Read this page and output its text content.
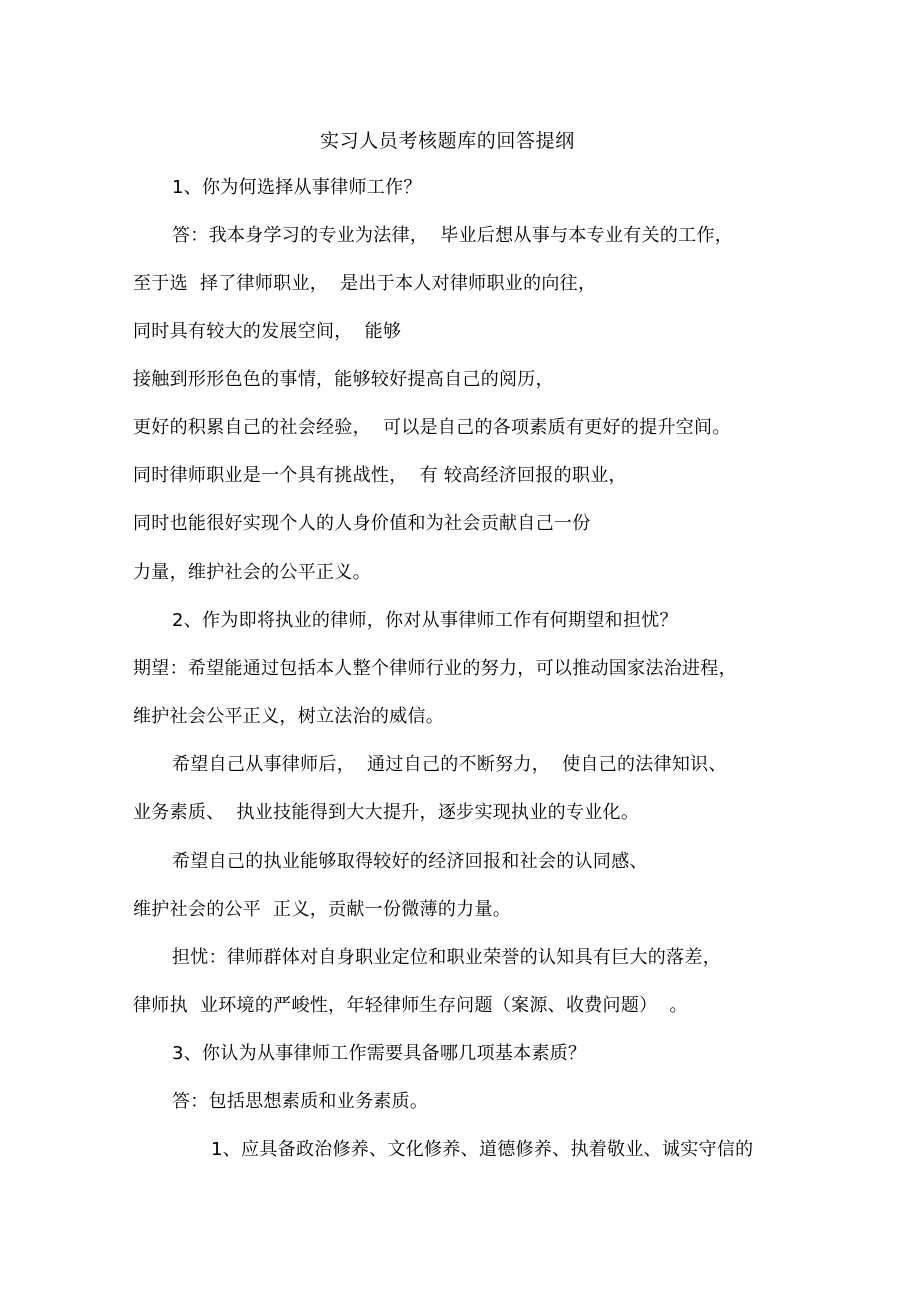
实习人员考核题库的回答提纲

1、你为何选择从事律师工作？

答：我本身学习的专业为法律，  毕业后想从事与本专业有关的工作，

至于选  择了律师职业，  是出于本人对律师职业的向往，

同时具有较大的发展空间，  能够

接触到形形色色的事情，能够较好提高自己的阅历，

更好的积累自己的社会经验，  可以是自己的各项素质有更好的提升空间。

同时律师职业是一个具有挑战性，  有 较高经济回报的职业，

同时也能很好实现个人的人身价值和为社会贡献自己一份

力量，维护社会的公平正义。

2、作为即将执业的律师，你对从事律师工作有何期望和担忧？

期望：希望能通过包括本人整个律师行业的努力，可以推动国家法治进程，

维护社会公平正义，树立法治的威信。

希望自己从事律师后，  通过自己的不断努力，  使自己的法律知识、

业务素质、  执业技能得到大大提升，逐步实现执业的专业化。

希望自己的执业能够取得较好的经济回报和社会的认同感、

维护社会的公平  正义，贡献一份微薄的力量。

担忧：律师群体对自身职业定位和职业荣誉的认知具有巨大的落差，

律师执  业环境的严峻性，年轻律师生存问题（案源、收费问题）  。

3、你认为从事律师工作需要具备哪几项基本素质？

答：包括思想素质和业务素质。

1、应具备政治修养、文化修养、道德修养、执着敬业、诚实守信的
